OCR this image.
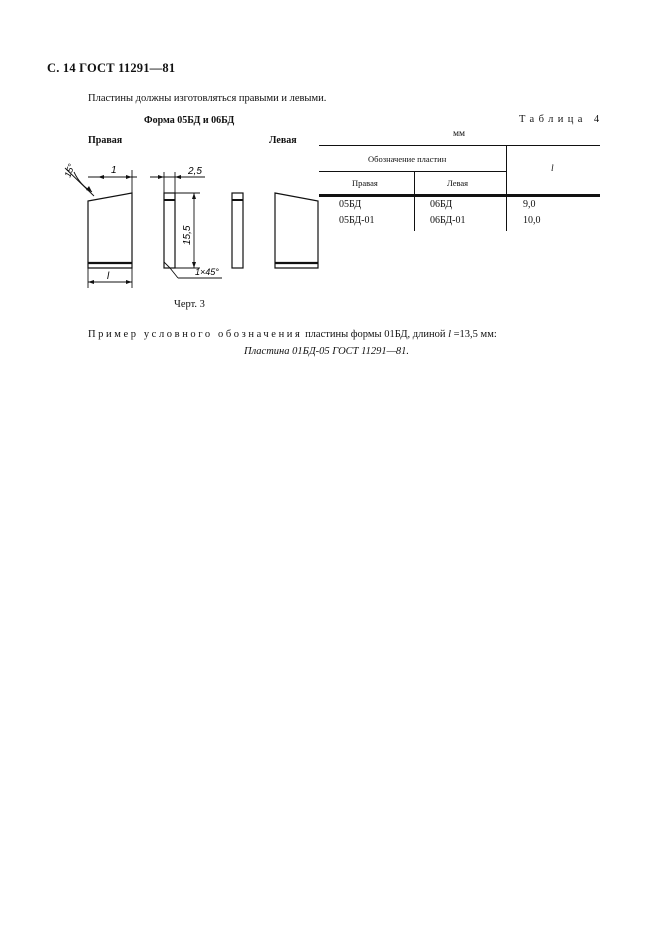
С. 14 ГОСТ 11291—81
Пластины должны изготовляться правыми и левыми.
Форма 05БД и 06БД
Правая	Левая
15°	1	2,5
15,5
l	1×45°
Черт. 3
Таблица 4
мм
Обозначение пластин
Правая	Левая
l
05БД	06БД	9,0
05БД-01	06БД-01	10,0
Пример условного обозначения пластины формы 01БД, длиной l =13,5 мм:
Пластина 01БД-05 ГОСТ 11291—81.
